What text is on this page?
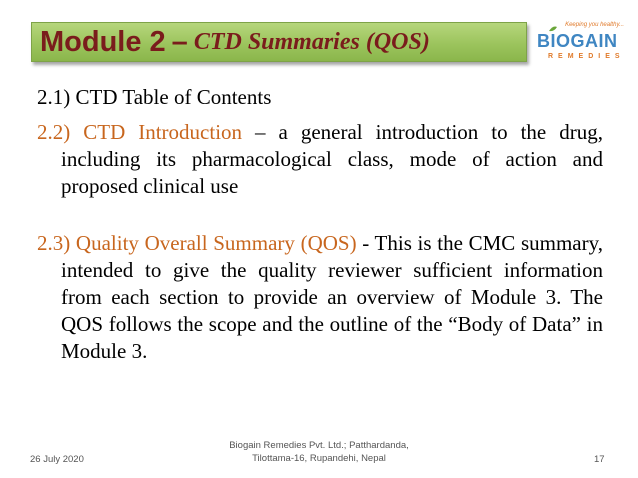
Module 2 – CTD Summaries (QOS)
Keeping you healthy...
BIOGAIN
REMEDIES
2.1) CTD Table of Contents
2.2) CTD Introduction – a general introduction to the drug, including its pharmacological class, mode of action and proposed clinical use
2.3) Quality Overall Summary (QOS) - This is the CMC summary, intended to give the quality reviewer sufficient information from each section to provide an overview of Module 3. The QOS follows the scope and the outline of the “Body of Data” in Module 3.
26 July 2020
Biogain Remedies Pvt. Ltd.; Patthardanda,
Tilottama-16, Rupandehi, Nepal	17
